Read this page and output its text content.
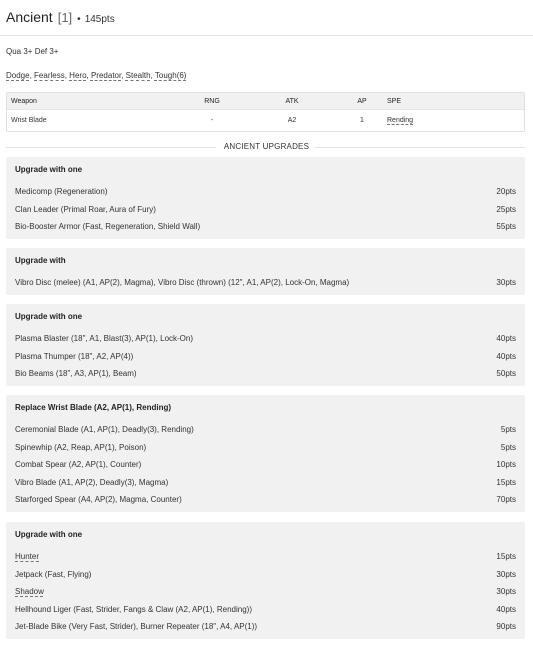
Ancient [1] • 145pts
Qua 3+ Def 3+
Dodge, Fearless, Hero, Predator, Stealth, Tough(6)
Weapon	RNG	ATK	AP	SPE
Wrist Blade	-	A2	1	Rending
ANCIENT UPGRADES
Upgrade with one
Medicomp (Regeneration)	20pts
Clan Leader (Primal Roar, Aura of Fury)	25pts
Bio-Booster Armor (Fast, Regeneration, Shield Wall)	55pts
Upgrade with
Vibro Disc (melee) (A1, AP(2), Magma), Vibro Disc (thrown) (12", A1, AP(2), Lock-On, Magma)	30pts
Upgrade with one
Plasma Blaster (18", A1, Blast(3), AP(1), Lock-On)	40pts
Plasma Thumper (18", A2, AP(4))	40pts
Bio Beams (18", A3, AP(1), Beam)	50pts
Replace Wrist Blade (A2, AP(1), Rending)
Ceremonial Blade (A1, AP(1), Deadly(3), Rending)	5pts
Spinewhip (A2, Reap, AP(1), Poison)	5pts
Combat Spear (A2, AP(1), Counter)	10pts
Vibro Blade (A1, AP(2), Deadly(3), Magma)	15pts
Starforged Spear (A4, AP(2), Magma, Counter)	70pts
Upgrade with one
Hunter	15pts
Jetpack (Fast, Flying)	30pts
Shadow	30pts
Hellhound Liger (Fast, Strider, Fangs & Claw (A2, AP(1), Rending))	40pts
Jet-Blade Bike (Very Fast, Strider), Burner Repeater (18", A4, AP(1))	90pts
